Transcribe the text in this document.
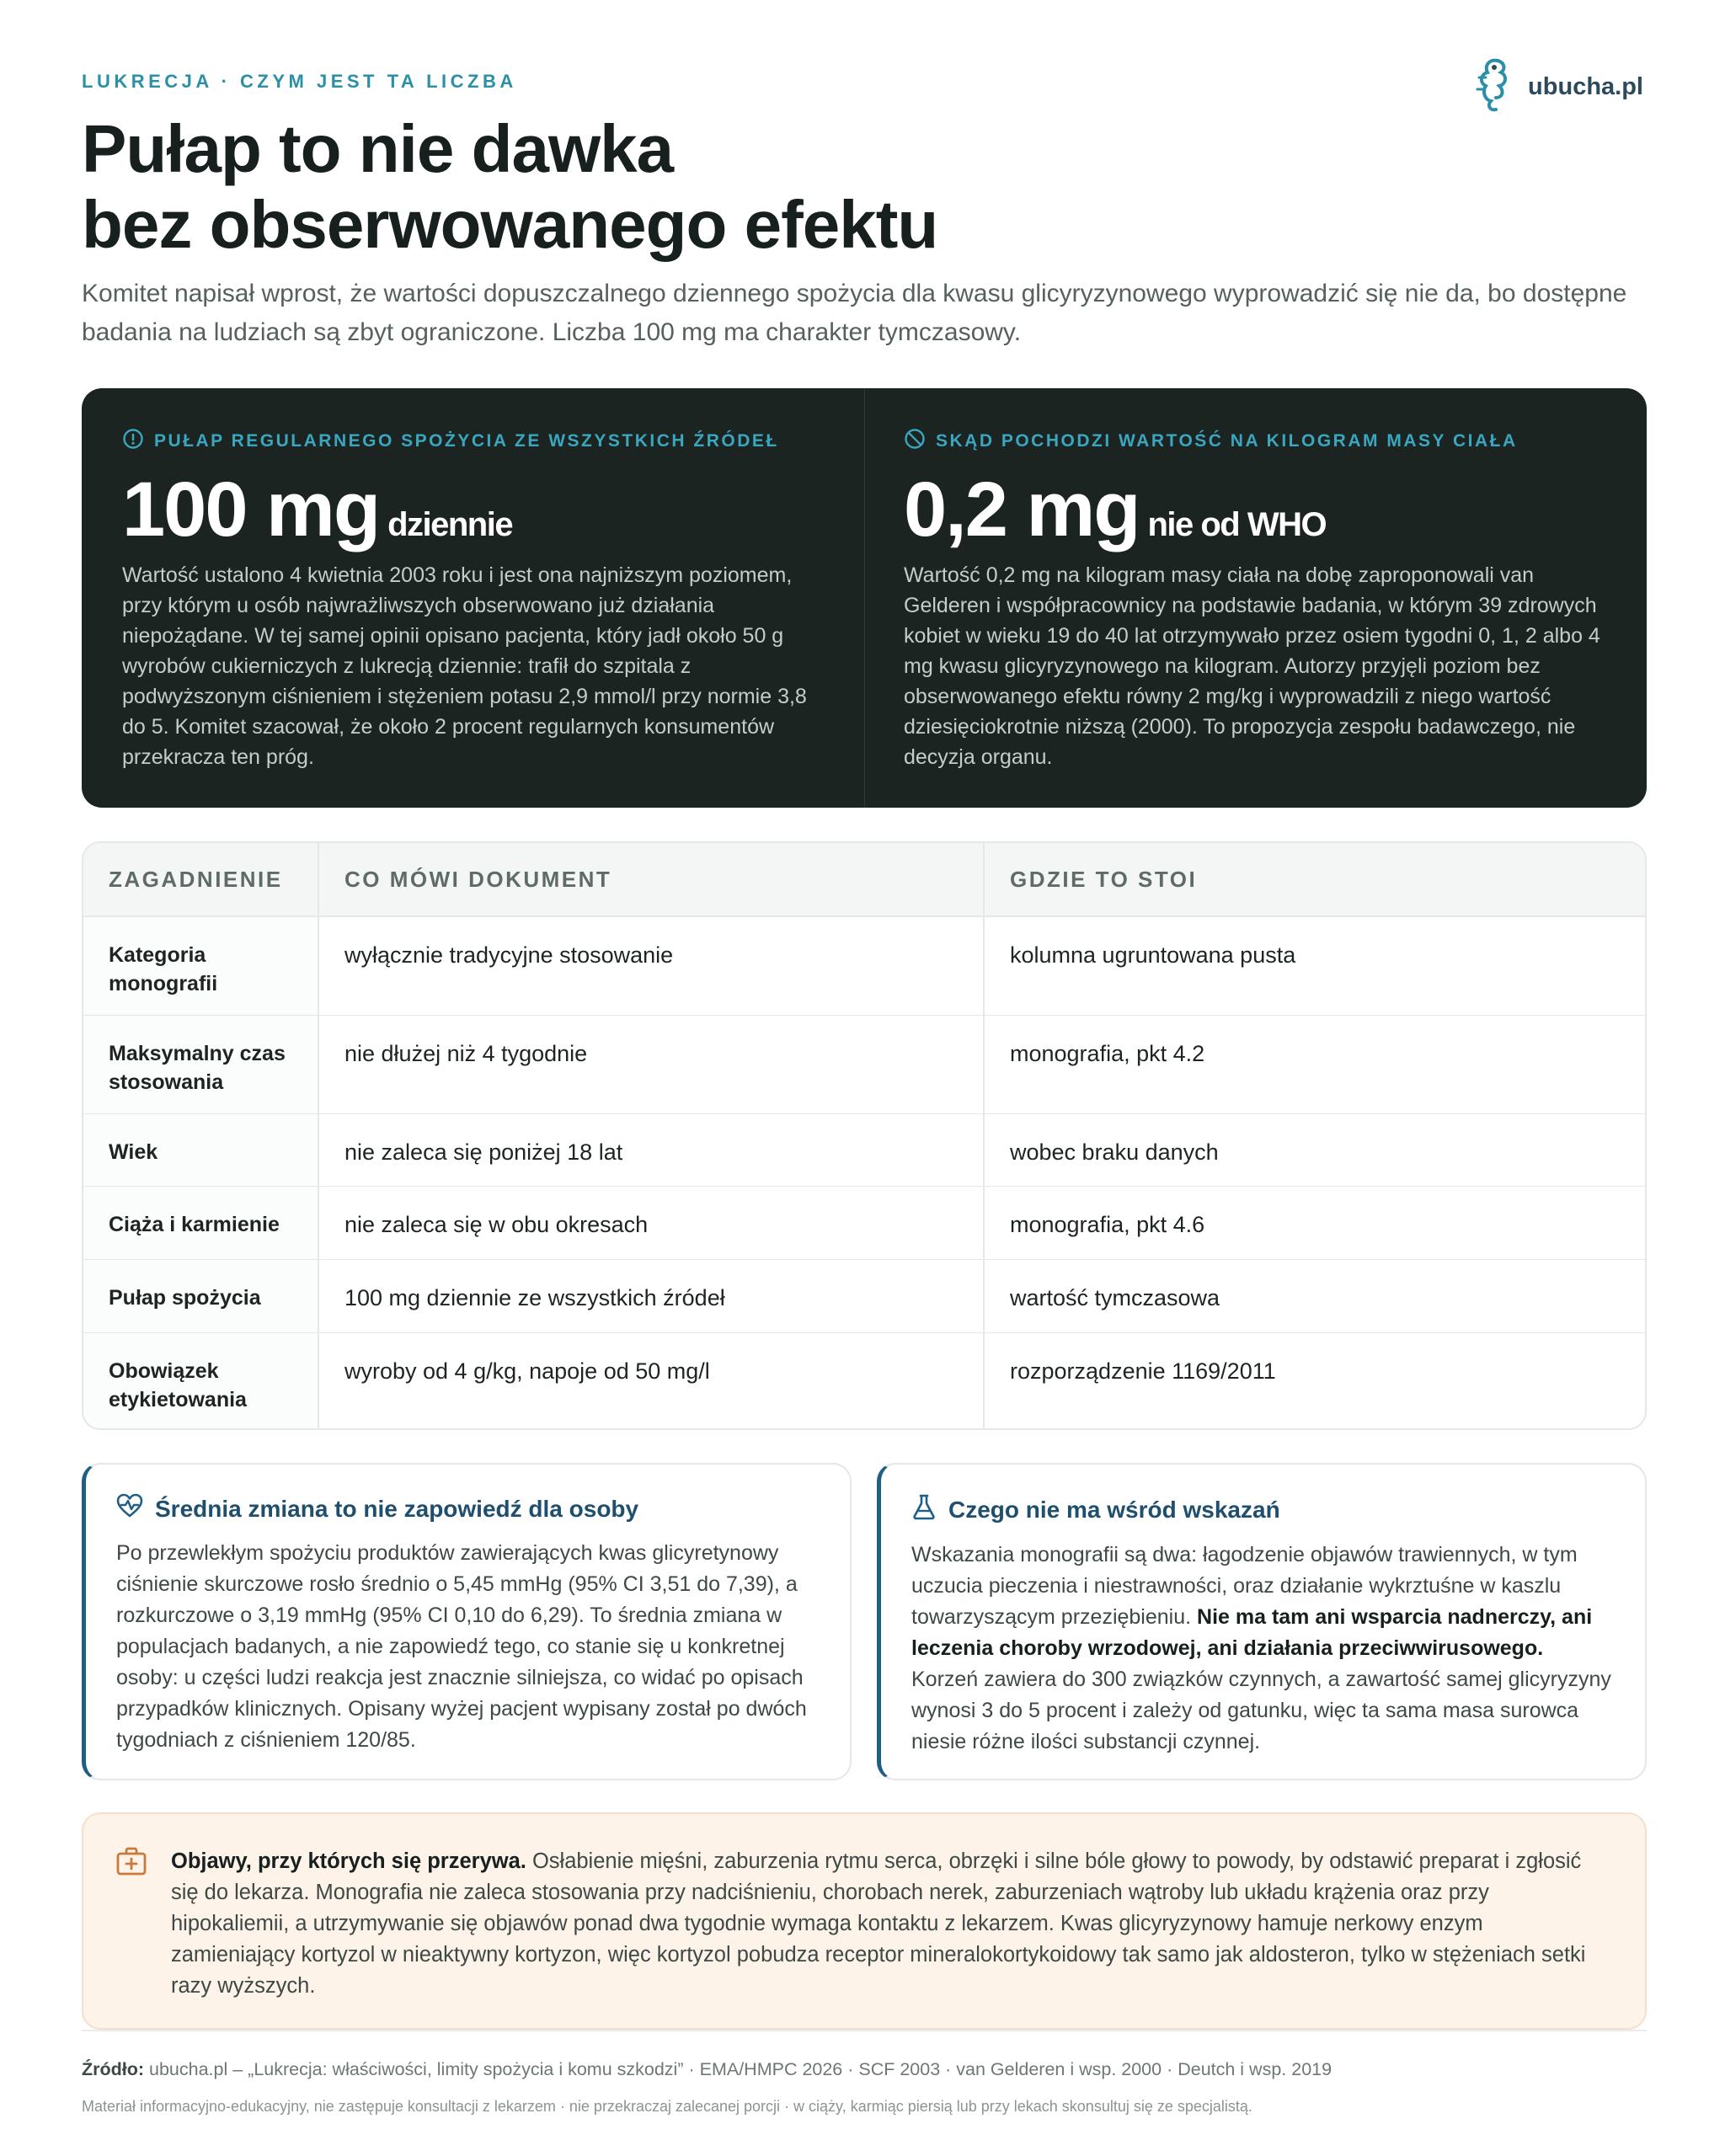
LUKRECJA · CZYM JEST TA LICZBA	ubucha.pl
Pułap to nie dawka
bez obserwowanego efektu

Komitet napisał wprost, że wartości dopuszczalnego dziennego spożycia dla kwasu glicyryzynowego wyprowadzić się nie da, bo dostępne badania na ludziach są zbyt ograniczone. Liczba 100 mg ma charakter tymczasowy.

PUŁAP REGULARNEGO SPOŻYCIA ZE WSZYSTKICH ŹRÓDEŁ
100 mg dziennie

Wartość ustalono 4 kwietnia 2003 roku i jest ona najniższym poziomem, przy którym u osób najwrażliwszych obserwowano już działania niepożądane. W tej samej opinii opisano pacjenta, który jadł około 50 g wyrobów cukierniczych z lukrecją dziennie: trafił do szpitala z podwyższonym ciśnieniem i stężeniem potasu 2,9 mmol/l przy normie 3,8 do 5. Komitet szacował, że około 2 procent regularnych konsumentów przekracza ten próg.

SKĄD POCHODZI WARTOŚĆ NA KILOGRAM MASY CIAŁA
0,2 mg nie od WHO

Wartość 0,2 mg na kilogram masy ciała na dobę zaproponowali van Gelderen i współpracownicy na podstawie badania, w którym 39 zdrowych kobiet w wieku 19 do 40 lat otrzymywało przez osiem tygodni 0, 1, 2 albo 4 mg kwasu glicyryzynowego na kilogram. Autorzy przyjęli poziom bez obserwowanego efektu równy 2 mg/kg i wyprowadzili z niego wartość dziesięciokrotnie niższą (2000). To propozycja zespołu badawczego, nie decyzja organu.

ZAGADNIENIE	CO MÓWI DOKUMENT	GDZIE TO STOI
Kategoria monografii	wyłącznie tradycyjne stosowanie	kolumna ugruntowana pusta
Maksymalny czas stosowania	nie dłużej niż 4 tygodnie	monografia, pkt 4.2
Wiek	nie zaleca się poniżej 18 lat	wobec braku danych
Ciąża i karmienie	nie zaleca się w obu okresach	monografia, pkt 4.6
Pułap spożycia	100 mg dziennie ze wszystkich źródeł	wartość tymczasowa
Obowiązek etykietowania	wyroby od 4 g/kg, napoje od 50 mg/l	rozporządzenie 1169/2011
Średnia zmiana to nie zapowiedź dla osoby

Po przewlekłym spożyciu produktów zawierających kwas glicyretynowy ciśnienie skurczowe rosło średnio o 5,45 mmHg (95% CI 3,51 do 7,39), a rozkurczowe o 3,19 mmHg (95% CI 0,10 do 6,29). To średnia zmiana w populacjach badanych, a nie zapowiedź tego, co stanie się u konkretnej osoby: u części ludzi reakcja jest znacznie silniejsza, co widać po opisach przypadków klinicznych. Opisany wyżej pacjent wypisany został po dwóch tygodniach z ciśnieniem 120/85.

Czego nie ma wśród wskazań

Wskazania monografii są dwa: łagodzenie objawów trawiennych, w tym uczucia pieczenia i niestrawności, oraz działanie wykrztuśne w kaszlu towarzyszącym przeziębieniu. Nie ma tam ani wsparcia nadnerczy, ani leczenia choroby wrzodowej, ani działania przeciwwirusowego. Korzeń zawiera do 300 związków czynnych, a zawartość samej glicyryzyny wynosi 3 do 5 procent i zależy od gatunku, więc ta sama masa surowca niesie różne ilości substancji czynnej.

Objawy, przy których się przerywa. Osłabienie mięśni, zaburzenia rytmu serca, obrzęki i silne bóle głowy to powody, by odstawić preparat i zgłosić się do lekarza. Monografia nie zaleca stosowania przy nadciśnieniu, chorobach nerek, zaburzeniach wątroby lub układu krążenia oraz przy hipokaliemii, a utrzymywanie się objawów ponad dwa tygodnie wymaga kontaktu z lekarzem. Kwas glicyryzynowy hamuje nerkowy enzym zamieniający kortyzol w nieaktywny kortyzon, więc kortyzol pobudza receptor mineralokortykoidowy tak samo jak aldosteron, tylko w stężeniach setki razy wyższych.

Źródło: ubucha.pl – „Lukrecja: właściwości, limity spożycia i komu szkodzi” · EMA/HMPC 2026 · SCF 2003 · van Gelderen i wsp. 2000 · Deutch i wsp. 2019

Materiał informacyjno-edukacyjny, nie zastępuje konsultacji z lekarzem · nie przekraczaj zalecanej porcji · w ciąży, karmiąc piersią lub przy lekach skonsultuj się ze specjalistą.
